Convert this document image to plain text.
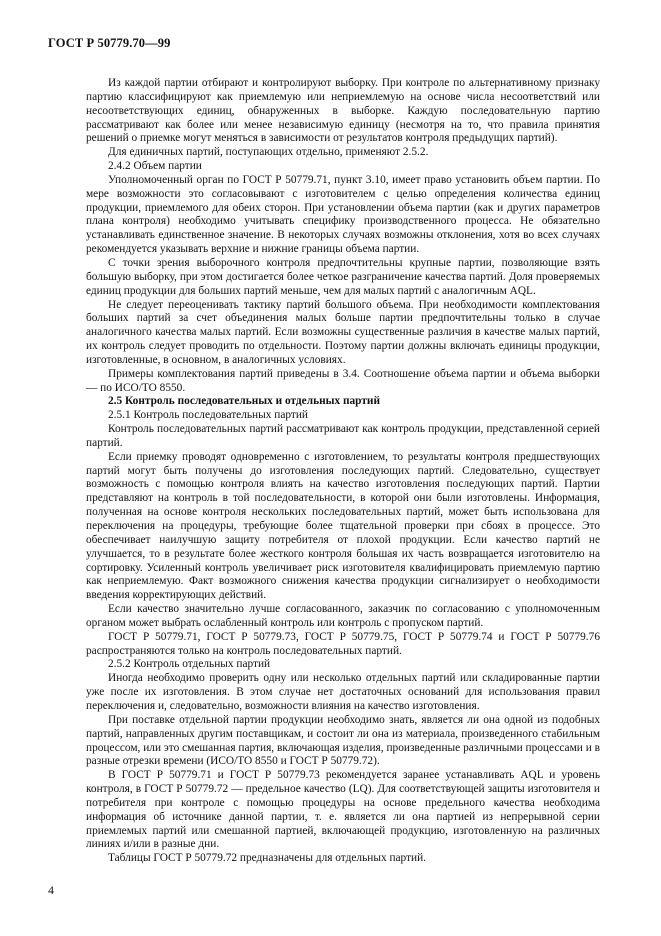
ГОСТ Р 50779.70—99

Из каждой партии отбирают и контролируют выборку. При контроле по альтернативному признаку партию классифицируют как приемлемую или неприемлемую на основе числа несоответствий или несоответствующих единиц, обнаруженных в выборке. Каждую последовательную партию рассматривают как более или менее независимую единицу (несмотря на то, что правила принятия решений о приемке могут меняться в зависимости от результатов контроля предыдущих партий).

Для единичных партий, поступающих отдельно, применяют 2.5.2.

2.4.2 Объем партии

Уполномоченный орган по ГОСТ Р 50779.71, пункт 3.10, имеет право установить объем партии. По мере возможности это согласовывают с изготовителем с целью определения количества единиц продукции, приемлемого для обеих сторон. При установлении объема партии (как и других параметров плана контроля) необходимо учитывать специфику производственного процесса. Не обязательно устанавливать единственное значение. В некоторых случаях возможны отклонения, хотя во всех случаях рекомендуется указывать верхние и нижние границы объема партии.

С точки зрения выборочного контроля предпочтительны крупные партии, позволяющие взять большую выборку, при этом достигается более четкое разграничение качества партий. Доля проверяемых единиц продукции для больших партий меньше, чем для малых партий с аналогичным AQL.

Не следует переоценивать тактику партий большого объема. При необходимости комплектования больших партий за счет объединения малых больше партии предпочтительны только в случае аналогичного качества малых партий. Если возможны существенные различия в качестве малых партий, их контроль следует проводить по отдельности. Поэтому партии должны включать единицы продукции, изготовленные, в основном, в аналогичных условиях.

Примеры комплектования партий приведены в 3.4. Соотношение объема партии и объема выборки — по ИСО/ТО 8550.

2.5 Контроль последовательных и отдельных партий

2.5.1 Контроль последовательных партий

Контроль последовательных партий рассматривают как контроль продукции, представленной серией партий.

Если приемку проводят одновременно с изготовлением, то результаты контроля предшествующих партий могут быть получены до изготовления последующих партий. Следовательно, существует возможность с помощью контроля влиять на качество изготовления последующих партий. Партии представляют на контроль в той последовательности, в которой они были изготовлены. Информация, полученная на основе контроля нескольких последовательных партий, может быть использована для переключения на процедуры, требующие более тщательной проверки при сбоях в процессе. Это обеспечивает наилучшую защиту потребителя от плохой продукции. Если качество партий не улучшается, то в результате более жесткого контроля большая их часть возвращается изготовителю на сортировку. Усиленный контроль увеличивает риск изготовителя квалифицировать приемлемую партию как неприемлемую. Факт возможного снижения качества продукции сигнализирует о необходимости введения корректирующих действий.

Если качество значительно лучше согласованного, заказчик по согласованию с уполномоченным органом может выбрать ослабленный контроль или контроль с пропуском партий.

ГОСТ Р 50779.71, ГОСТ Р 50779.73, ГОСТ Р 50779.75, ГОСТ Р 50779.74 и ГОСТ Р 50779.76 распространяются только на контроль последовательных партий.

2.5.2 Контроль отдельных партий

Иногда необходимо проверить одну или несколько отдельных партий или складированные партии уже после их изготовления. В этом случае нет достаточных оснований для использования правил переключения и, следовательно, возможности влияния на качество изготовления.

При поставке отдельной партии продукции необходимо знать, является ли она одной из подобных партий, направленных другим поставщикам, и состоит ли она из материала, произведенного стабильным процессом, или это смешанная партия, включающая изделия, произведенные различными процессами и в разные отрезки времени (ИСО/ТО 8550 и ГОСТ Р 50779.72).

В ГОСТ Р 50779.71 и ГОСТ Р 50779.73 рекомендуется заранее устанавливать AQL и уровень контроля, в ГОСТ Р 50779.72 — предельное качество (LQ). Для соответствующей защиты изготовителя и потребителя при контроле с помощью процедуры на основе предельного качества необходима информация об источнике данной партии, т. е. является ли она партией из непрерывной серии приемлемых партий или смешанной партией, включающей продукцию, изготовленную на различных линиях и/или в разные дни.

Таблицы ГОСТ Р 50779.72 предназначены для отдельных партий.

4
